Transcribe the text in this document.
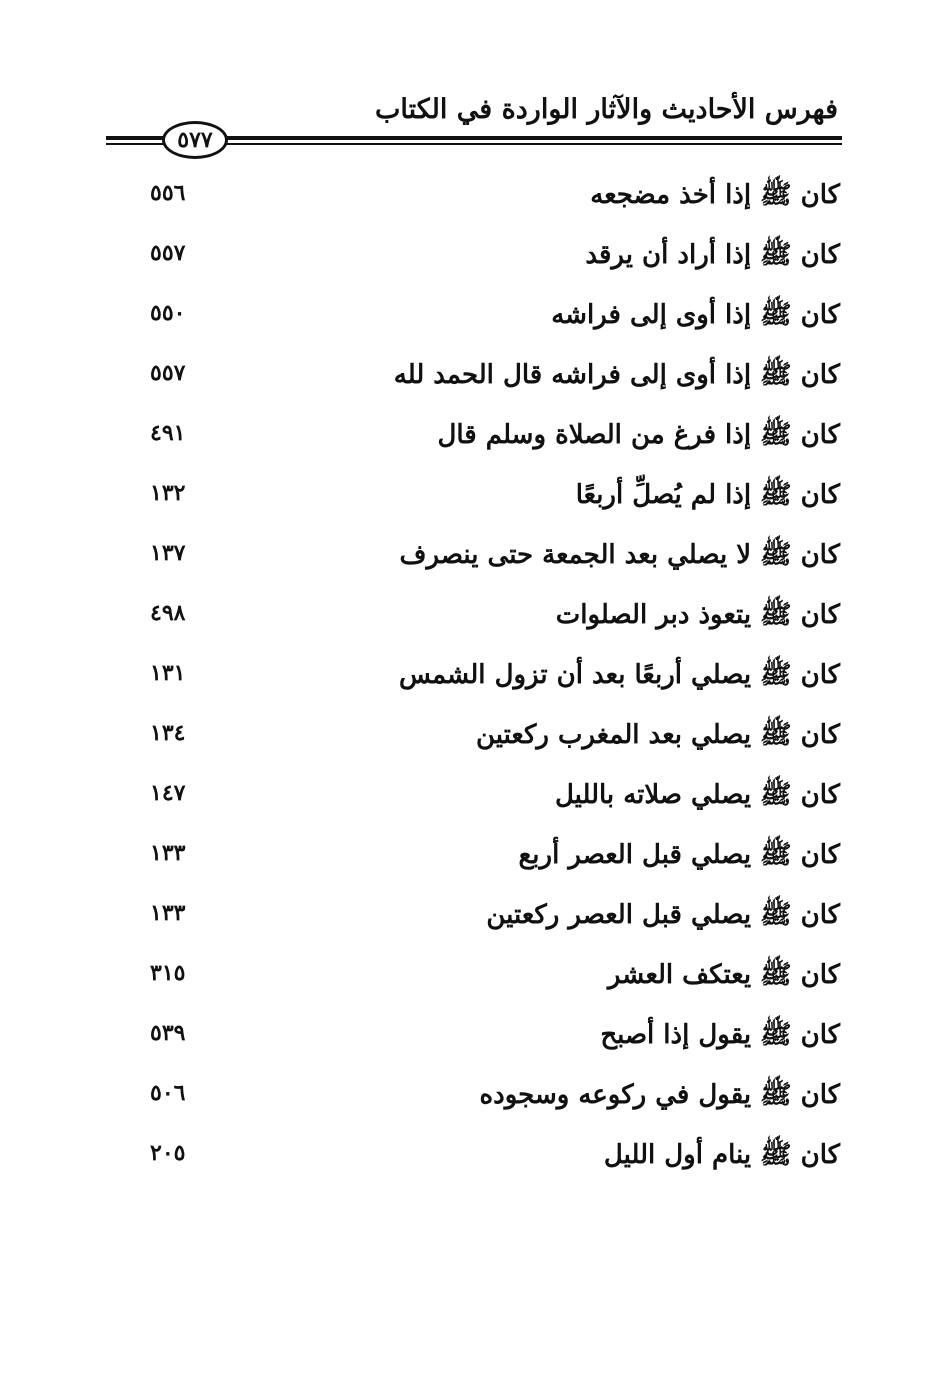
فهرس الأحاديث والآثار الواردة في الكتاب
٥٧٧
كان ﷺ إذا أخذ مضجعه
٥٥٦
كان ﷺ إذا أراد أن يرقد
٥٥٧
كان ﷺ إذا أوى إلى فراشه
٥٥٠
كان ﷺ إذا أوى إلى فراشه قال الحمد لله
٥٥٧
كان ﷺ إذا فرغ من الصلاة وسلم قال
٤٩١
كان ﷺ إذا لم يُصلِّ أربعًا
١٣٢
كان ﷺ لا يصلي بعد الجمعة حتى ينصرف
١٣٧
كان ﷺ يتعوذ دبر الصلوات
٤٩٨
كان ﷺ يصلي أربعًا بعد أن تزول الشمس
١٣١
كان ﷺ يصلي بعد المغرب ركعتين
١٣٤
كان ﷺ يصلي صلاته بالليل
١٤٧
كان ﷺ يصلي قبل العصر أربع
١٣٣
كان ﷺ يصلي قبل العصر ركعتين
١٣٣
كان ﷺ يعتكف العشر
٣١٥
كان ﷺ يقول إذا أصبح
٥٣٩
كان ﷺ يقول في ركوعه وسجوده
٥٠٦
كان ﷺ ينام أول الليل
٢٠٥
